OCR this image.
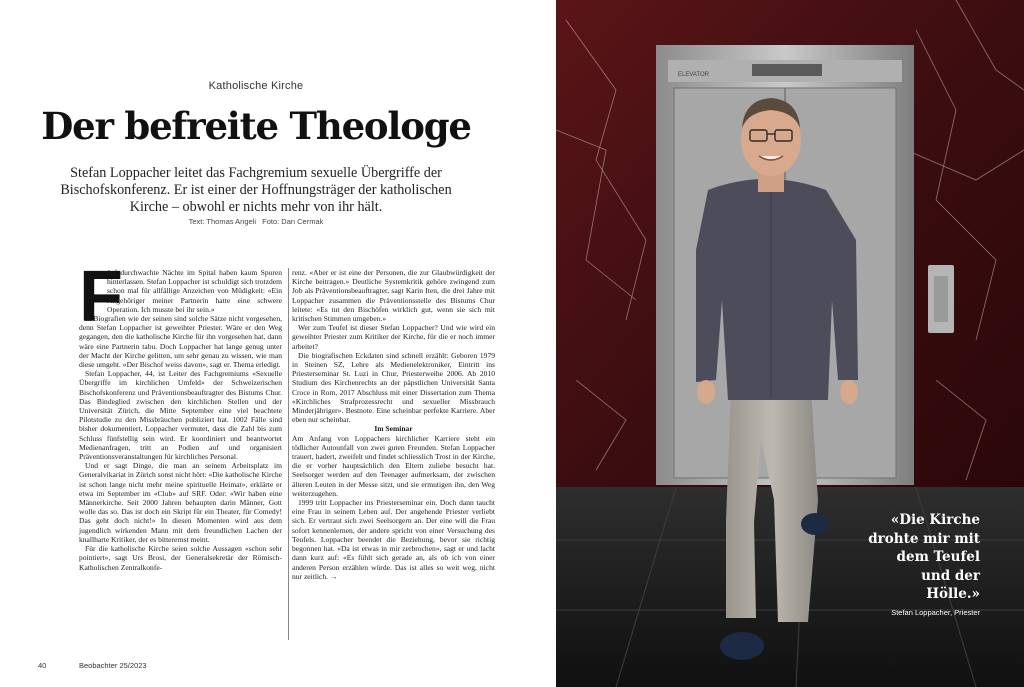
Katholische Kirche
Der befreite Theologe
Stefan Loppacher leitet das Fachgremium sexuelle Übergriffe der Bischofskonferenz. Er ist einer der Hoffnungsträger der katholischen Kirche – obwohl er nichts mehr von ihr hält.
Text: Thomas Angeli Foto: Dan Cermak
F

ünf durchwachte Nächte im Spital haben kaum Spuren hinterlassen. Stefan Loppacher ist schuldigt sich trotzdem schon mal für allfällige Anzeichen von Müdigkeit: «Ein Angehöriger meiner Partnerin hatte eine schwere Operation. Ich musste bei ihr sein.»

In Biografien wie der seinen sind solche Sätze nicht vorgesehen, denn Stefan Loppacher ist geweihter Priester. Wäre er den Weg gegangen, den die katholische Kirche für ihn vorgesehen hat, dann wäre eine Partnerin tabu. Doch Loppacher hat lange genug unter der Macht der Kirche gelitten, um sehr genau zu wissen, wie man diese umgeht. «Der Bischof weiss davon», sagt er. Thema erledigt.

Stefan Loppacher, 44, ist Leiter des Fachgremiums «Sexuelle Übergriffe im kirchlichen Umfeld» der Schweizerischen Bischofskonferenz und Präventionsbeauftragter des Bistums Chur. Das Bindeglied zwischen den kirchlichen Stellen und der Universität Zürich, die Mitte September eine viel beachtete Pilotstudie zu den Missbräuchen publiziert hat. 1002 Fälle sind bisher dokumentiert, Loppacher vermutet, dass die Zahl bis zum Schluss fünfstellig sein wird. Er koordiniert und beantwortet Medienanfragen, tritt an Podien auf und organisiert Präventionsveranstaltungen für kirchliches Personal.

Und er sagt Dinge, die man an seinem Arbeitsplatz im Generalvikariat in Zürich sonst nicht hört: «Die katholische Kirche ist schon lange nicht mehr meine spirituelle Heimat», erklärte er etwa im September im «Club» auf SRF. Oder: «Wir haben eine Männerkirche. Seit 2000 Jahren behaupten darin Männer, Gott wolle das so. Das ist doch ein Skript für ein Theater, für Comedy! Das geht doch nicht!» In diesen Momenten wird aus dem jugendlich wirkenden Mann mit dem freundlichen Lachen der knallharte Kritiker, der es bitterernst meint.

Für die katholische Kirche seien solche Aussagen «schon sehr pointiert», sagt Urs Brosi, der Generalsekretär der Römisch-Katholischen Zentralkonfe-

renz. «Aber er ist eine der Personen, die zur Glaubwürdigkeit der Kirche beitragen.» Deutliche Systemkritik gehöre zwingend zum Job als Präventionsbeauftragter, sagt Karin Iten, die drei Jahre mit Loppacher zusammen die Präventionsstelle des Bistums Chur leitete: «Es tut den Bischöfen wirklich gut, wenn sie sich mit kritischen Stimmen umgeben.»

Wer zum Teufel ist dieser Stefan Loppacher? Und wie wird ein geweihter Priester zum Kritiker der Kirche, für die er noch immer arbeitet?

Die biografischen Eckdaten sind schnell erzählt: Geboren 1979 in Steinen SZ, Lehre als Medienelektroniker, Eintritt ins Priesterseminar St. Luzi in Chur, Priesterweihe 2006. Ab 2010 Studium des Kirchenrechts an der päpstlichen Universität Santa Croce in Rom, 2017 Abschluss mit einer Dissertation zum Thema «Kirchliches Strafprozessrecht und sexueller Missbrauch Minderjähriger». Bestnote. Eine scheinbar perfekte Karriere. Aber eben nur scheinbar.

Im Seminar

Am Anfang von Loppachers kirchlicher Karriere steht ein tödlicher Autounfall von zwei guten Freunden. Stefan Loppacher trauert, hadert, zweifelt und findet schliesslich Trost in der Kirche, die er vorher hauptsächlich den Eltern zuliebe besucht hat. Seelsorger werden auf den Teenager aufmerksam, der zwischen älteren Leuten in der Messe sitzt, und sie ermutigen ihn, den Weg weiterzugehen.

1999 tritt Loppacher ins Priesterseminar ein. Doch dann taucht eine Frau in seinem Leben auf. Der angehende Priester verliebt sich. Er vertraut sich zwei Seelsorgern an. Der eine will die Frau sofort kennenlernen, der andere spricht von einer Versuchung des Teufels. Loppacher beendet die Beziehung, bevor sie richtig begonnen hat. «Da ist etwas in mir zerbrochen», sagt er und lacht dann kurz auf: «Es fühlt sich gerade an, als ob ich von einer anderen Person erzählen würde. Das ist alles so weit weg, nicht nur zeitlich. →

40	Beobachter 25/2023
ELEVATOR
«Die Kirche drohte mir mit dem Teufel und der Hölle.»
Stefan Loppacher, Priester
